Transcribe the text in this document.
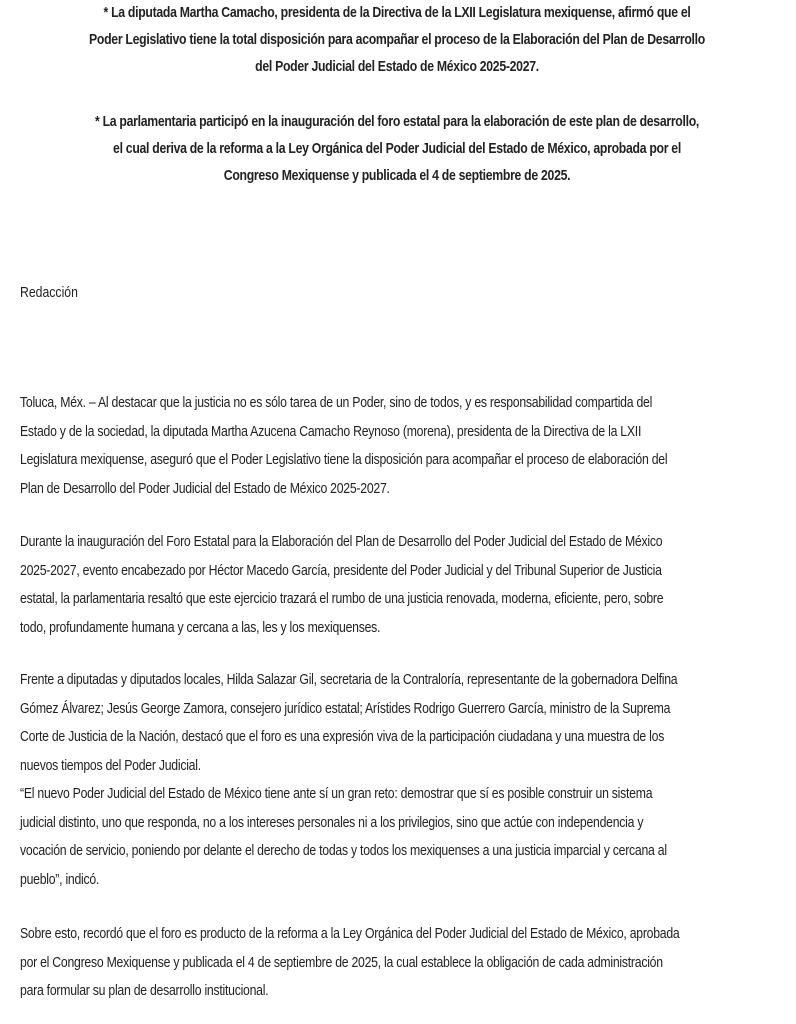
* La diputada Martha Camacho, presidenta de la Directiva de la LXII Legislatura mexiquense, afirmó que el
Poder Legislativo tiene la total disposición para acompañar el proceso de la Elaboración del Plan de Desarrollo
del Poder Judicial del Estado de México 2025-2027.
* La parlamentaria participó en la inauguración del foro estatal para la elaboración de este plan de desarrollo,
el cual deriva de la reforma a la Ley Orgánica del Poder Judicial del Estado de México, aprobada por el
Congreso Mexiquense y publicada el 4 de septiembre de 2025.
Redacción
Toluca, Méx. – Al destacar que la justicia no es sólo tarea de un Poder, sino de todos, y es responsabilidad compartida del
Estado y de la sociedad, la diputada Martha Azucena Camacho Reynoso (morena), presidenta de la Directiva de la LXII
Legislatura mexiquense, aseguró que el Poder Legislativo tiene la disposición para acompañar el proceso de elaboración del
Plan de Desarrollo del Poder Judicial del Estado de México 2025-2027.
Durante la inauguración del Foro Estatal para la Elaboración del Plan de Desarrollo del Poder Judicial del Estado de México
2025-2027, evento encabezado por Héctor Macedo García, presidente del Poder Judicial y del Tribunal Superior de Justicia
estatal, la parlamentaria resaltó que este ejercicio trazará el rumbo de una justicia renovada, moderna, eficiente, pero, sobre
todo, profundamente humana y cercana a las, les y los mexiquenses.
Frente a diputadas y diputados locales, Hilda Salazar Gil, secretaria de la Contraloría, representante de la gobernadora Delfina
Gómez Álvarez; Jesús George Zamora, consejero jurídico estatal; Arístides Rodrigo Guerrero García, ministro de la Suprema
Corte de Justicia de la Nación, destacó que el foro es una expresión viva de la participación ciudadana y una muestra de los
nuevos tiempos del Poder Judicial.
“El nuevo Poder Judicial del Estado de México tiene ante sí un gran reto: demostrar que sí es posible construir un sistema
judicial distinto, uno que responda, no a los intereses personales ni a los privilegios, sino que actúe con independencia y
vocación de servicio, poniendo por delante el derecho de todas y todos los mexiquenses a una justicia imparcial y cercana al
pueblo”, indicó.
Sobre esto, recordó que el foro es producto de la reforma a la Ley Orgánica del Poder Judicial del Estado de México, aprobada
por el Congreso Mexiquense y publicada el 4 de septiembre de 2025, la cual establece la obligación de cada administración
para formular su plan de desarrollo institucional.
